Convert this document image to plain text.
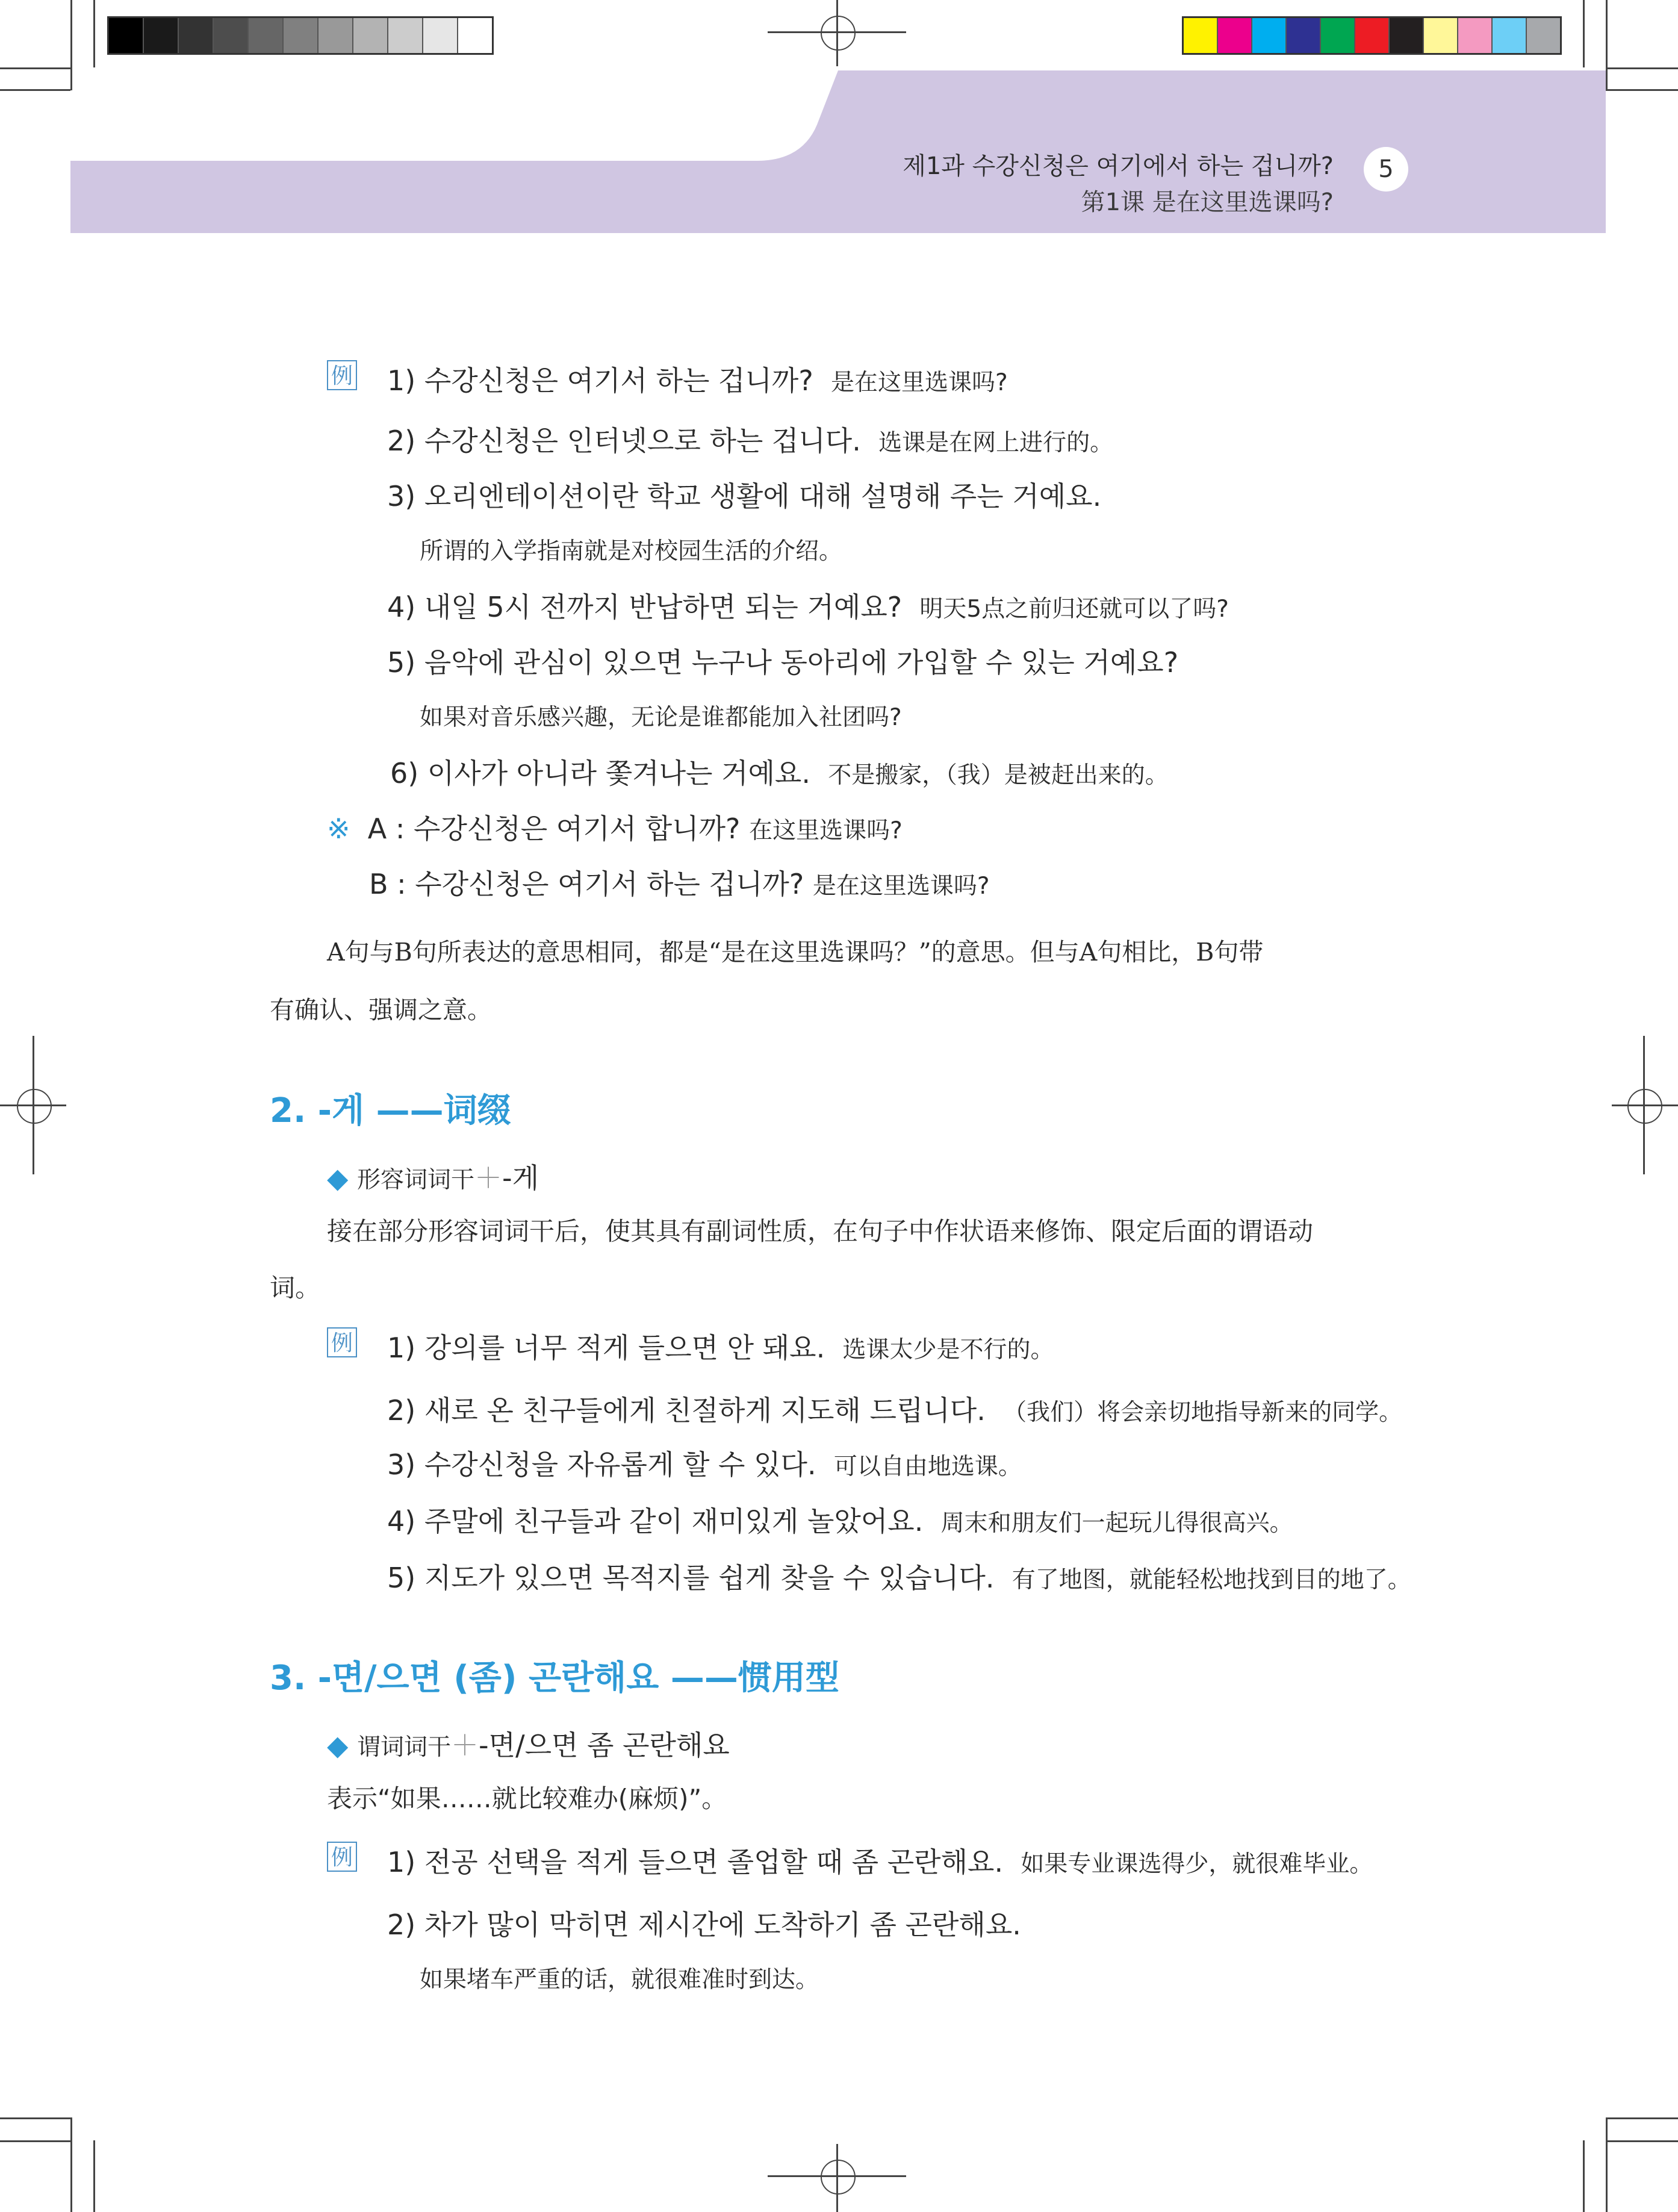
제1과 수강신청은 여기에서 하는 겁니까?
第1课 是在这里选课吗?
5
例 1) 수강신청은 여기서 하는 겁니까? 是在这里选课吗?
2) 수강신청은 인터넷으로 하는 겁니다. 选课是在网上进行的。
3) 오리엔테이션이란 학교 생활에 대해 설명해 주는 거예요.
所谓的入学指南就是对校园生活的介绍。
4) 내일 5시 전까지 반납하면 되는 거예요? 明天5点之前归还就可以了吗?
5) 음악에 관심이 있으면 누구나 동아리에 가입할 수 있는 거예요?
如果对音乐感兴趣，无论是谁都能加入社团吗?
6) 이사가 아니라 쫓겨나는 거예요. 不是搬家，（我）是被赶出来的。
※ A : 수강신청은 여기서 합니까? 在这里选课吗?
B : 수강신청은 여기서 하는 겁니까? 是在这里选课吗?
A句与B句所表达的意思相同，都是“是在这里选课吗？”的意思。但与A句相比，B句带
有确认、强调之意。
2. -게 ——词缀
◆ 形容词词干＋-게
接在部分形容词词干后，使其具有副词性质，在句子中作状语来修饰、限定后面的谓语动
词。
例 1) 강의를 너무 적게 들으면 안 돼요. 选课太少是不行的。
2) 새로 온 친구들에게 친절하게 지도해 드립니다. （我们）将会亲切地指导新来的同学。
3) 수강신청을 자유롭게 할 수 있다. 可以自由地选课。
4) 주말에 친구들과 같이 재미있게 놀았어요. 周末和朋友们一起玩儿得很高兴。
5) 지도가 있으면 목적지를 쉽게 찾을 수 있습니다. 有了地图，就能轻松地找到目的地了。
3. -면/으면 (좀) 곤란해요 ——惯用型
◆ 谓词词干＋-면/으면 좀 곤란해요
表示“如果……就比较难办(麻烦)”。
例 1) 전공 선택을 적게 들으면 졸업할 때 좀 곤란해요. 如果专业课选得少，就很难毕业。
2) 차가 많이 막히면 제시간에 도착하기 좀 곤란해요.
如果堵车严重的话，就很难准时到达。
